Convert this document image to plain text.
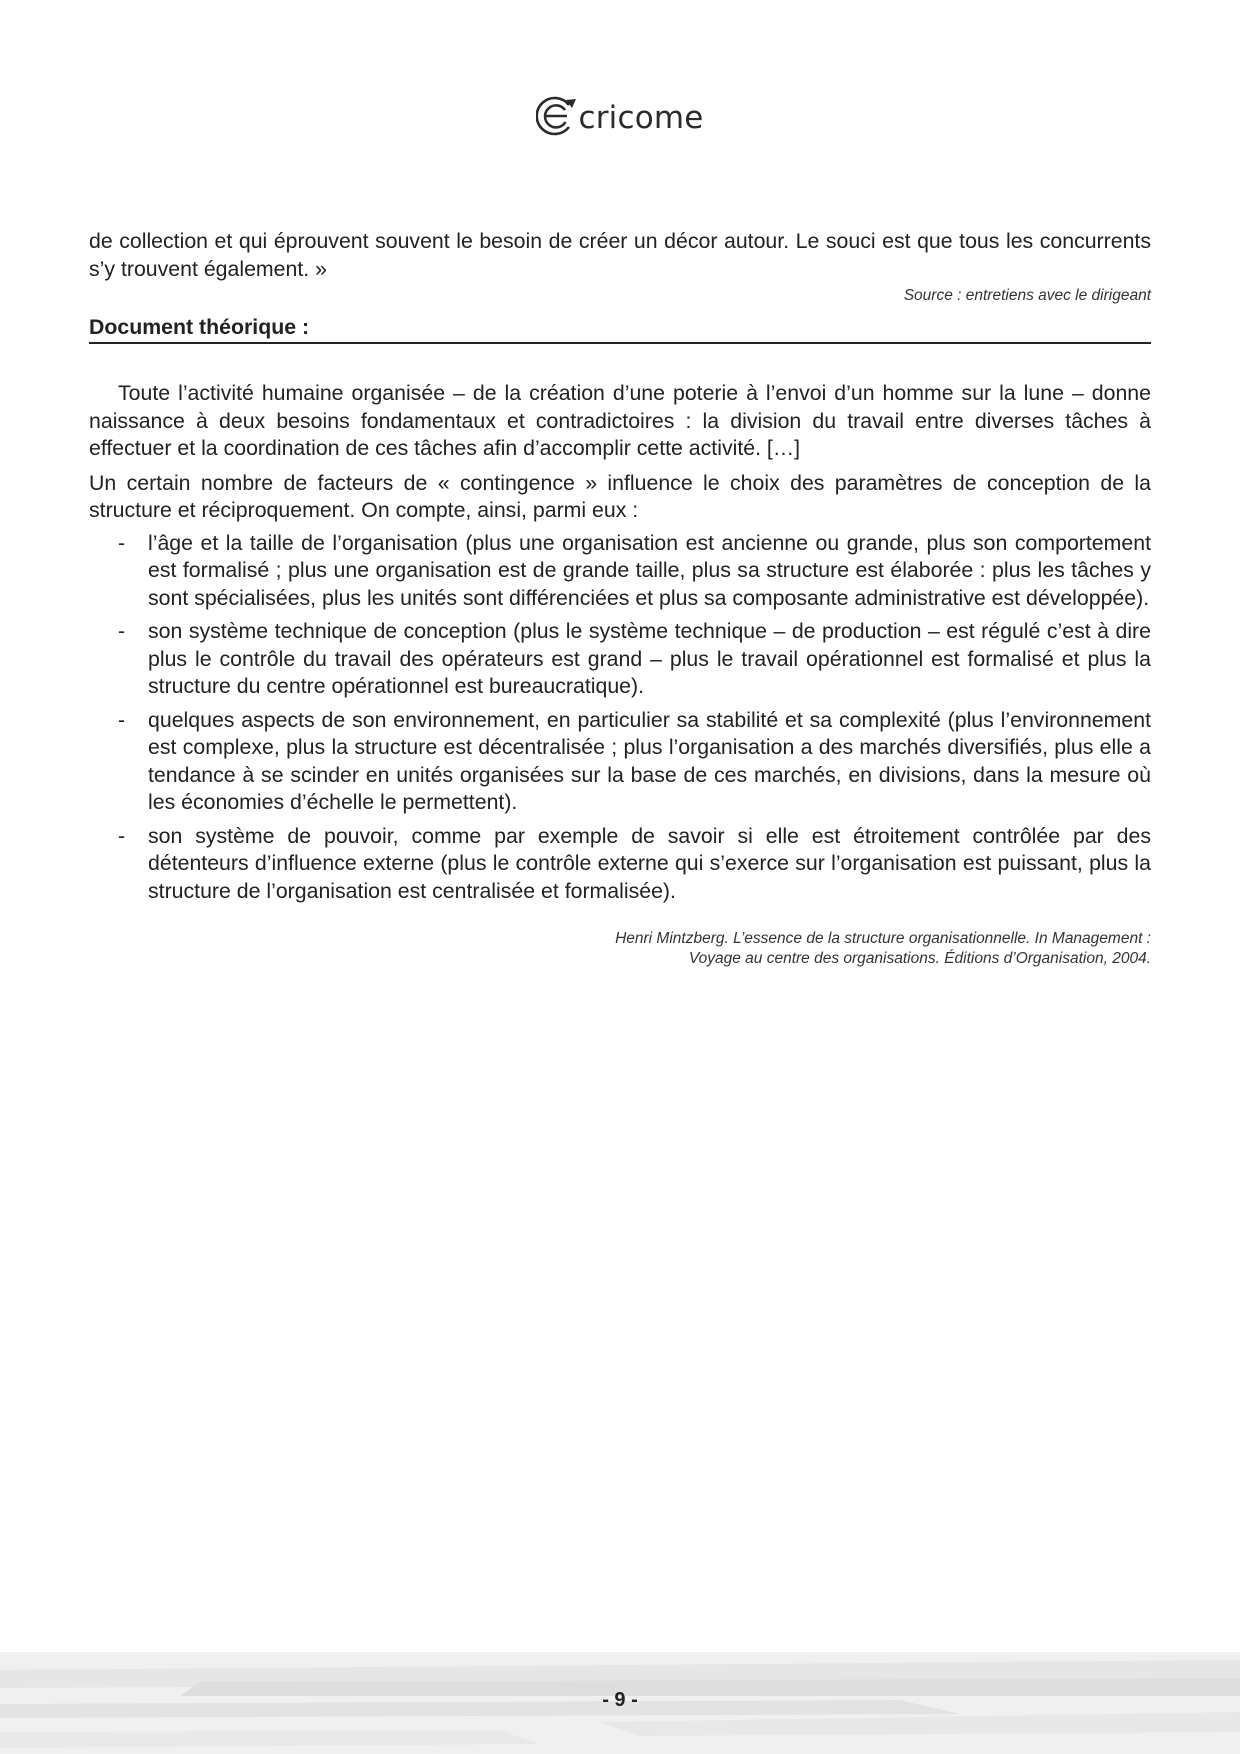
cricome

de collection et qui éprouvent souvent le besoin de créer un décor autour. Le souci est que tous les concurrents s’y trouvent également. »

Source : entretiens avec le dirigeant

Document théorique :

Toute l’activité humaine organisée – de la création d’une poterie à l’envoi d’un homme sur la lune – donne naissance à deux besoins fondamentaux et contradictoires : la division du travail entre diverses tâches à effectuer et la coordination de ces tâches afin d’accomplir cette activité. […]

Un certain nombre de facteurs de « contingence » influence le choix des paramètres de conception de la structure et réciproquement. On compte, ainsi, parmi eux :

- l’âge et la taille de l’organisation (plus une organisation est ancienne ou grande, plus son comportement est formalisé ; plus une organisation est de grande taille, plus sa structure est élaborée : plus les tâches y sont spécialisées, plus les unités sont différenciées et plus sa composante administrative est développée).
- son système technique de conception (plus le système technique – de production – est régulé c’est à dire plus le contrôle du travail des opérateurs est grand – plus le travail opérationnel est formalisé et plus la structure du centre opérationnel est bureaucratique).
- quelques aspects de son environnement, en particulier sa stabilité et sa complexité (plus l’environnement est complexe, plus la structure est décentralisée ; plus l’organisation a des marchés diversifiés, plus elle a tendance à se scinder en unités organisées sur la base de ces marchés, en divisions, dans la mesure où les économies d’échelle le permettent).
- son système de pouvoir, comme par exemple de savoir si elle est étroitement contrôlée par des détenteurs d’influence externe (plus le contrôle externe qui s’exerce sur l’organisation est puissant, plus la structure de l’organisation est centralisée et formalisée).
Henri Mintzberg. L’essence de la structure organisationnelle. In Management :
Voyage au centre des organisations. Éditions d’Organisation, 2004.
- 9 -
